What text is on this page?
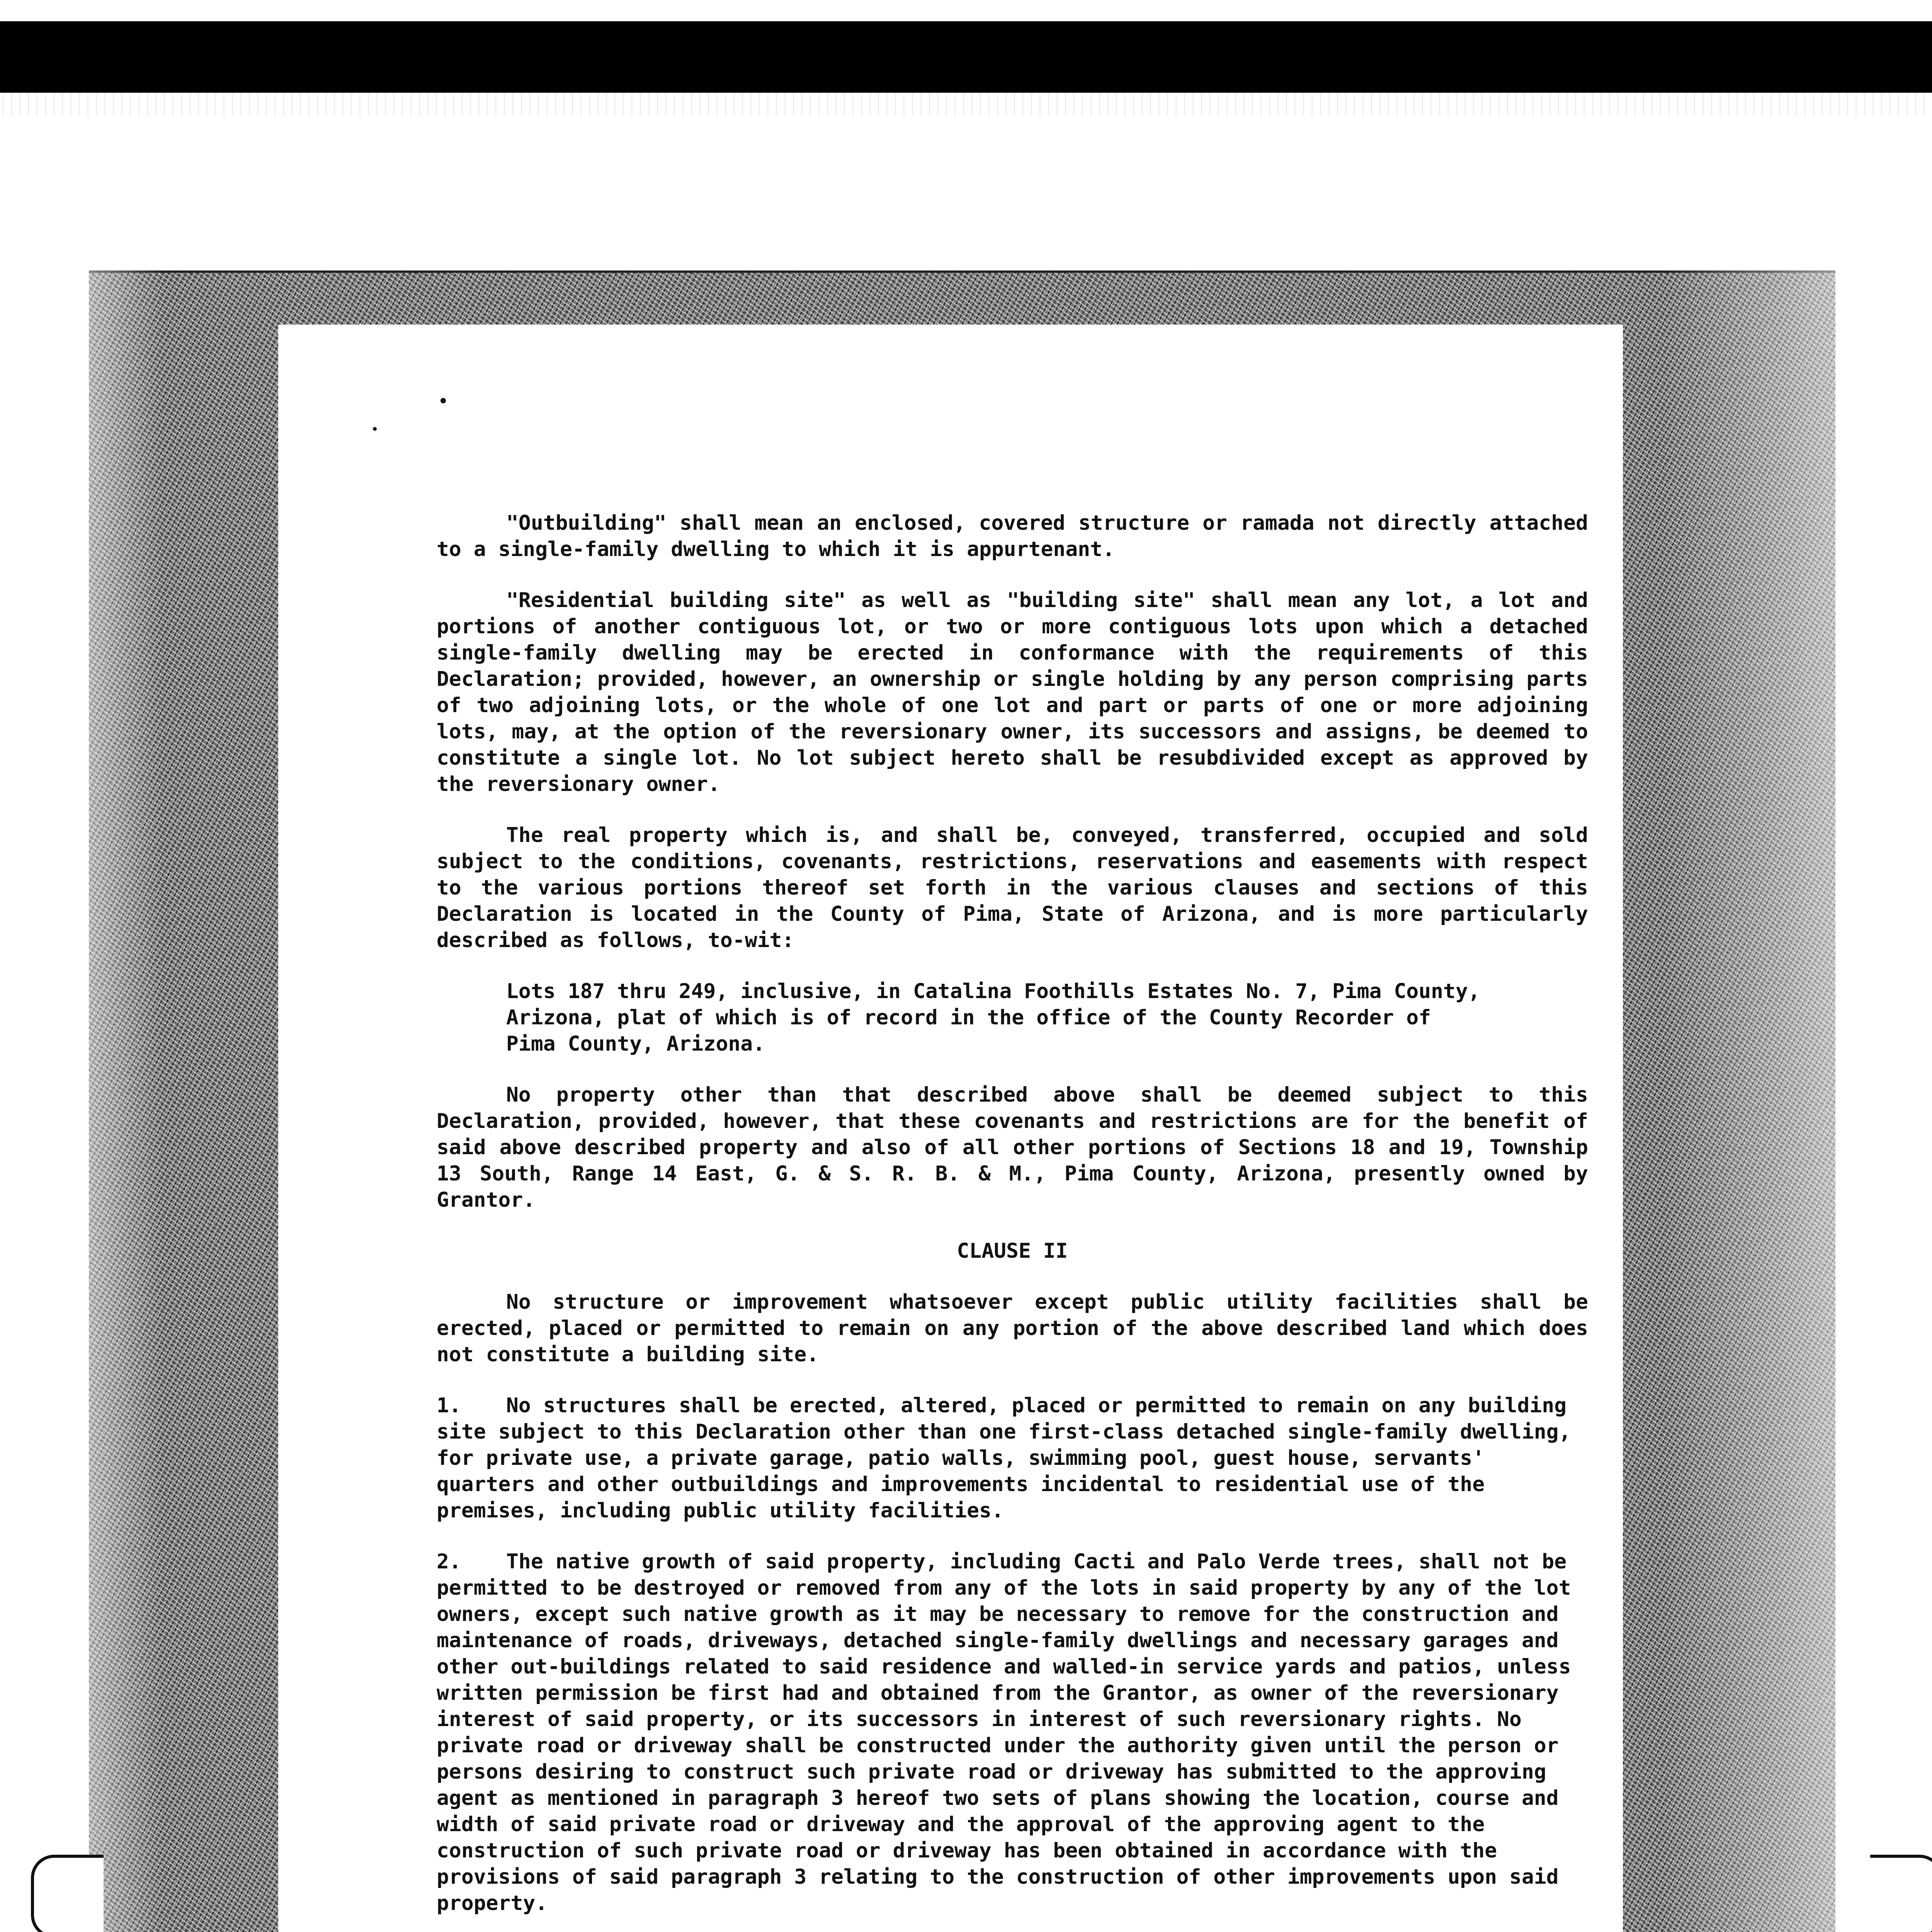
"Outbuilding" shall mean an enclosed, covered structure or ramada not directly attached to a single-family dwelling to which it is appurtenant.

"Residential building site" as well as "building site" shall mean any lot, a lot and portions of another contiguous lot, or two or more contiguous lots upon which a detached single-family dwelling may be erected in conformance with the requirements of this Declaration; provided, however, an ownership or single holding by any person comprising parts of two adjoining lots, or the whole of one lot and part or parts of one or more adjoining lots, may, at the option of the reversionary owner, its successors and assigns, be deemed to constitute a single lot. No lot subject hereto shall be resubdivided except as approved by the reversionary owner.

The real property which is, and shall be, conveyed, transferred, occupied and sold subject to the conditions, covenants, restrictions, reservations and easements with respect to the various portions thereof set forth in the various clauses and sections of this Declaration is located in the County of Pima, State of Arizona, and is more particularly described as follows, to-wit:

Lots 187 thru 249, inclusive, in Catalina Foothills Estates No. 7, Pima County, Arizona, plat of which is of record in the office of the County Recorder of Pima County, Arizona.

No property other than that described above shall be deemed subject to this Declaration, provided, however, that these covenants and restrictions are for the benefit of said above described property and also of all other portions of Sections 18 and 19, Township 13 South, Range 14 East, G. & S. R. B. & M., Pima County, Arizona, presently owned by Grantor.

CLAUSE II

No structure or improvement whatsoever except public utility facilities shall be erected, placed or permitted to remain on any portion of the above described land which does not constitute a building site.

1. No structures shall be erected, altered, placed or permitted to remain on any building site subject to this Declaration other than one first-class detached single-family dwelling, for private use, a private garage, patio walls, swimming pool, guest house, servants' quarters and other outbuildings and improvements incidental to residential use of the premises, including public utility facilities.
2. The native growth of said property, including Cacti and Palo Verde trees, shall not be permitted to be destroyed or removed from any of the lots in said property by any of the lot owners, except such native growth as it may be necessary to remove for the construction and maintenance of roads, driveways, detached single-family dwellings and necessary garages and other out-buildings related to said residence and walled-in service yards and patios, unless written permission be first had and obtained from the Grantor, as owner of the reversionary interest of said property, or its successors in interest of such reversionary rights. No private road or driveway shall be constructed under the authority given until the person or persons desiring to construct such private road or driveway has submitted to the approving agent as mentioned in paragraph 3 hereof two sets of plans showing the location, course and width of said private road or driveway and the approval of the approving agent to the construction of such private road or driveway has been obtained in accordance with the provisions of said paragraph 3 relating to the construction of other improvements upon said property.
